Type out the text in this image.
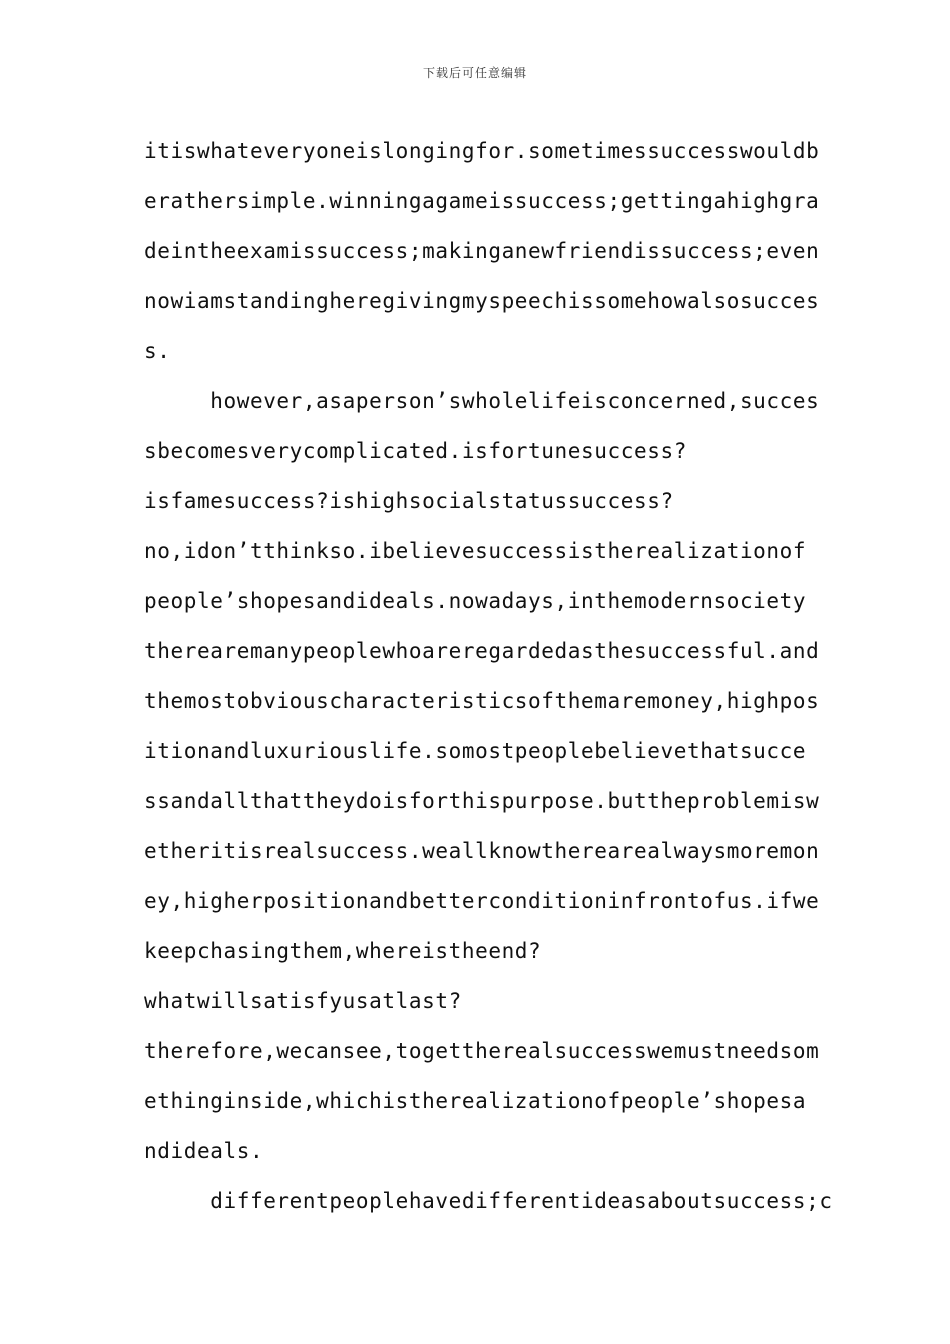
下载后可任意编辑
itiswhateveryoneislongingfor.sometimessuccesswouldb
erathersimple.winningagameissuccess;gettingahighgra
deintheexamissuccess;makinganewfriendissuccess;even
nowiamstandingheregivingmyspeechissomehowalsosucces
s.
however,asaperson’swholelifeisconcerned,succes
sbecomesverycomplicated.isfortunesuccess?
isfamesuccess?ishighsocialstatussuccess?
no,idon’tthinkso.ibelievesuccessistherealizationof
people’shopesandideals.nowadays,inthemodernsociety
therearemanypeoplewhoareregardedasthesuccessful.and
themostobviouscharacteristicsofthemaremoney,highpos
itionandluxuriouslife.somostpeoplebelievethatsucce
ssandallthattheydoisforthispurpose.buttheproblemisw
etheritisrealsuccess.weallknowtherearealwaysmoremon
ey,higherpositionandbetterconditioninfrontofus.ifwe
keepchasingthem,whereistheend?
whatwillsatisfyusatlast?
therefore,wecansee,togettherealsuccesswemustneedsom
ethinginside,whichistherealizationofpeople’shopesa
ndideals.
differentpeoplehavedifferentideasaboutsuccess;c
